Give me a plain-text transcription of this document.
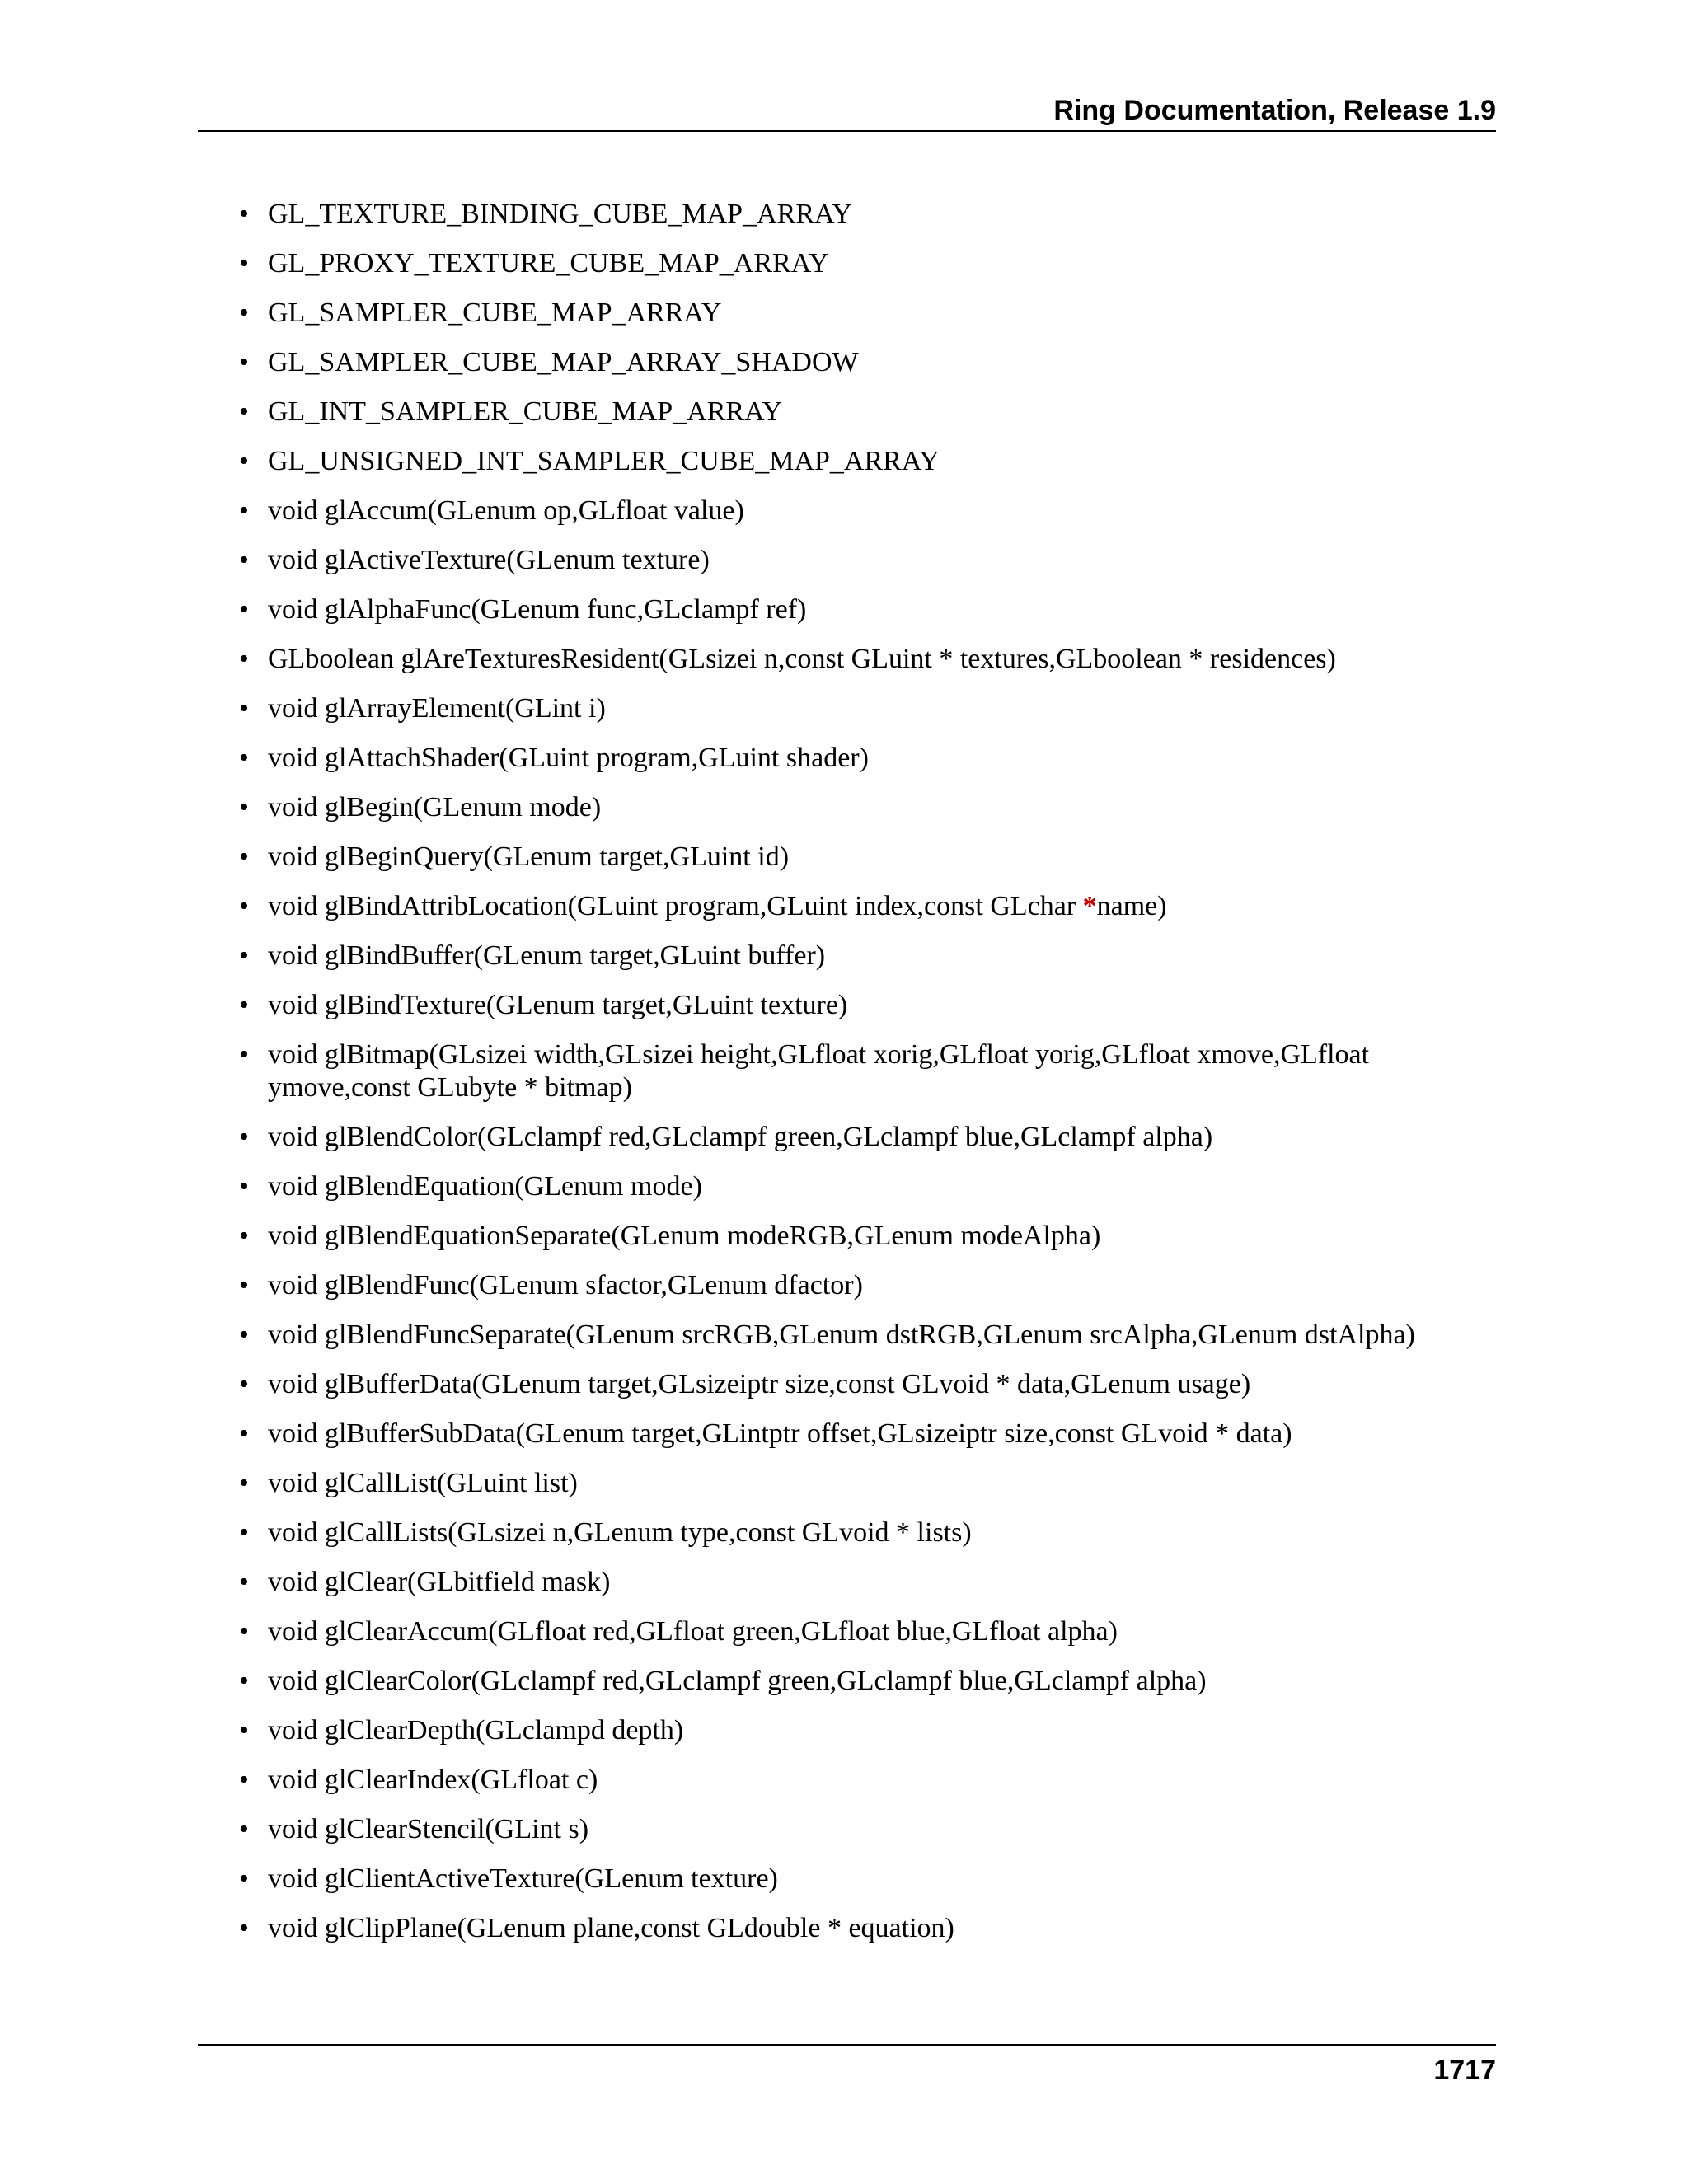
Ring Documentation, Release 1.9
• GL_TEXTURE_BINDING_CUBE_MAP_ARRAY
• GL_PROXY_TEXTURE_CUBE_MAP_ARRAY
• GL_SAMPLER_CUBE_MAP_ARRAY
• GL_SAMPLER_CUBE_MAP_ARRAY_SHADOW
• GL_INT_SAMPLER_CUBE_MAP_ARRAY
• GL_UNSIGNED_INT_SAMPLER_CUBE_MAP_ARRAY
• void glAccum(GLenum op,GLfloat value)
• void glActiveTexture(GLenum texture)
• void glAlphaFunc(GLenum func,GLclampf ref)
• GLboolean glAreTexturesResident(GLsizei n,const GLuint * textures,GLboolean * residences)
• void glArrayElement(GLint i)
• void glAttachShader(GLuint program,GLuint shader)
• void glBegin(GLenum mode)
• void glBeginQuery(GLenum target,GLuint id)
• void glBindAttribLocation(GLuint program,GLuint index,const GLchar *name)
• void glBindBuffer(GLenum target,GLuint buffer)
• void glBindTexture(GLenum target,GLuint texture)
• void glBitmap(GLsizei width,GLsizei height,GLfloat xorig,GLfloat yorig,GLfloat xmove,GLfloat ymove,const GLubyte * bitmap)
• void glBlendColor(GLclampf red,GLclampf green,GLclampf blue,GLclampf alpha)
• void glBlendEquation(GLenum mode)
• void glBlendEquationSeparate(GLenum modeRGB,GLenum modeAlpha)
• void glBlendFunc(GLenum sfactor,GLenum dfactor)
• void glBlendFuncSeparate(GLenum srcRGB,GLenum dstRGB,GLenum srcAlpha,GLenum dstAlpha)
• void glBufferData(GLenum target,GLsizeiptr size,const GLvoid * data,GLenum usage)
• void glBufferSubData(GLenum target,GLintptr offset,GLsizeiptr size,const GLvoid * data)
• void glCallList(GLuint list)
• void glCallLists(GLsizei n,GLenum type,const GLvoid * lists)
• void glClear(GLbitfield mask)
• void glClearAccum(GLfloat red,GLfloat green,GLfloat blue,GLfloat alpha)
• void glClearColor(GLclampf red,GLclampf green,GLclampf blue,GLclampf alpha)
• void glClearDepth(GLclampd depth)
• void glClearIndex(GLfloat c)
• void glClearStencil(GLint s)
• void glClientActiveTexture(GLenum texture)
• void glClipPlane(GLenum plane,const GLdouble * equation)
1717
